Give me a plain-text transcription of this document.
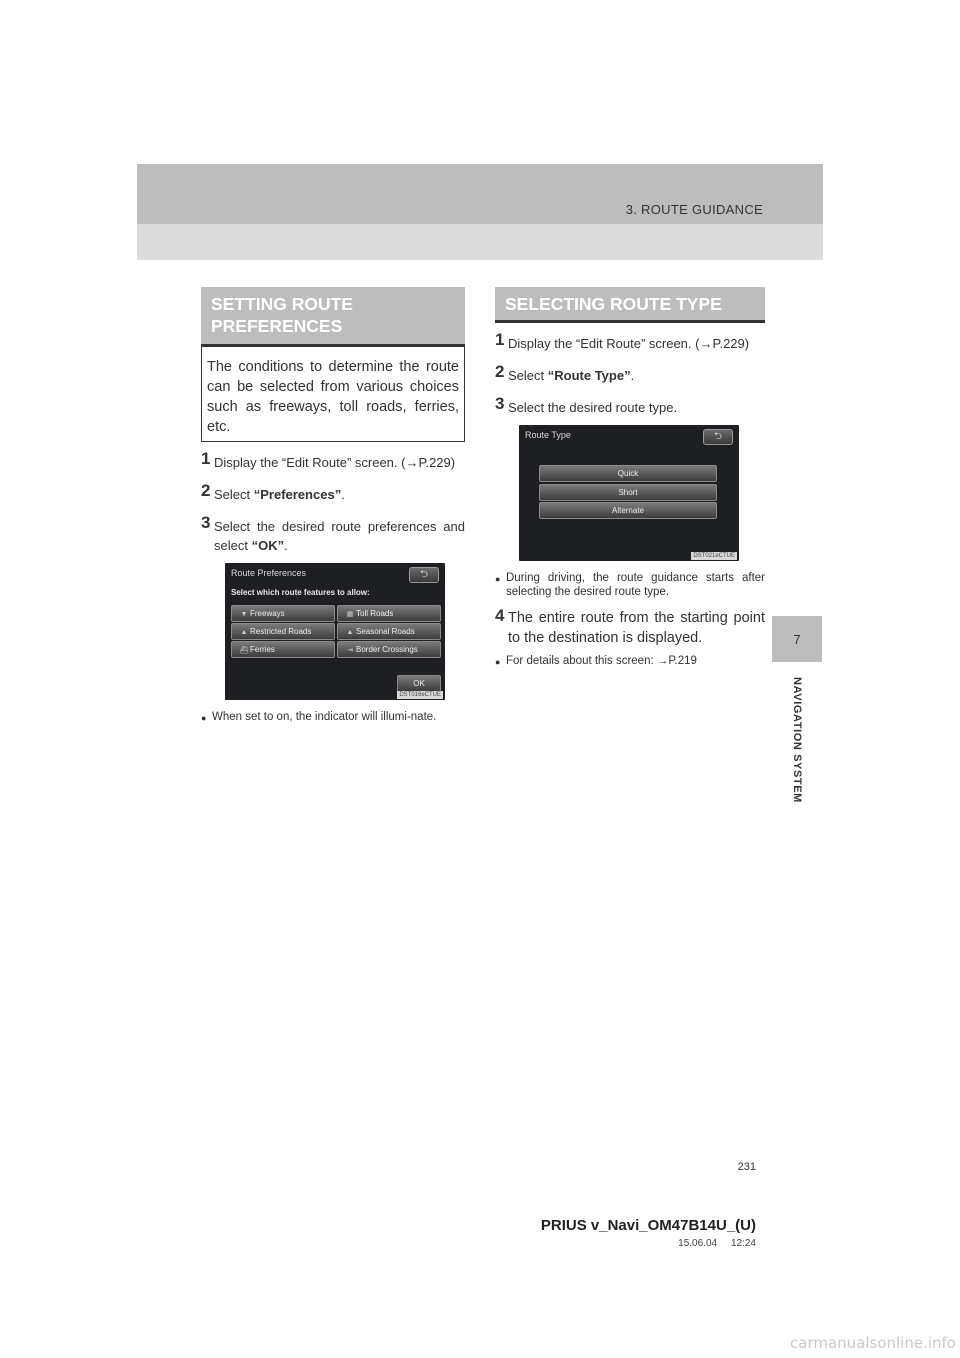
3. ROUTE GUIDANCE
7
NAVIGATION SYSTEM
SETTING ROUTE PREFERENCES
The conditions to determine the route can be selected from various choices such as freeways, toll roads, ferries, etc.
1 Display the “Edit Route” screen. (→P.229)
2 Select “Preferences”.
3 Select the desired route preferences and select “OK”.
Route Preferences	⮌
Select which route features to allow:
▼ Freeways	▦ Toll Roads
▲ Restricted Roads	▲ Seasonal Roads
⛴ Ferries	⇥ Border Crossings
OK
DST016eCTUE
● When set to on, the indicator will illumi-nate.
SELECTING ROUTE TYPE
1 Display the “Edit Route” screen. (→P.229)
2 Select “Route Type”.
3 Select the desired route type.
Route Type	⮌
Quick
Short
Alternate
DST021eCTUE
● During driving, the route guidance starts after selecting the desired route type.
4 The entire route from the starting point to the destination is displayed.
● For details about this screen: →P.219
231
PRIUS v_Navi_OM47B14U_(U)
15.06.04     12:24
carmanualsonline.info
